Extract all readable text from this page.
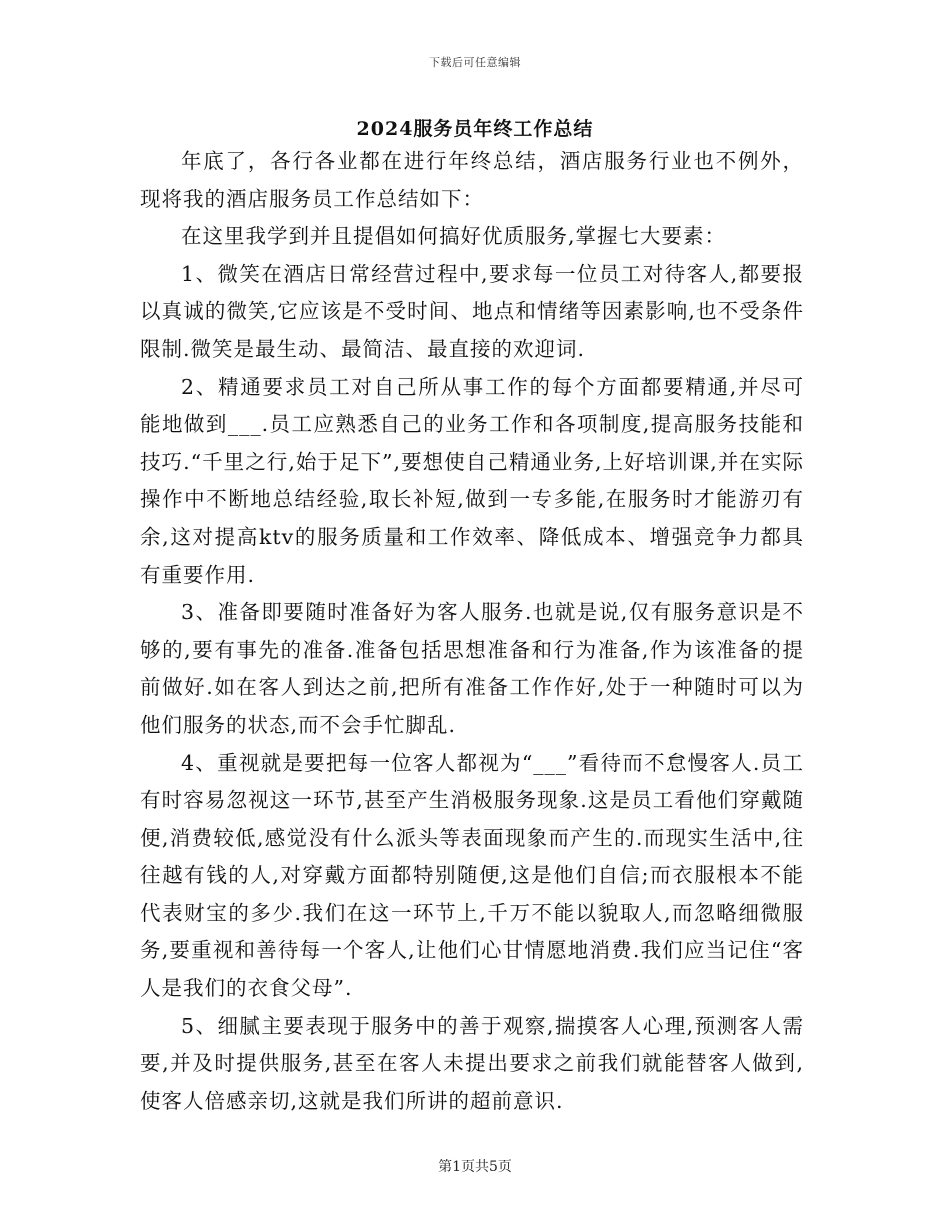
下载后可任意编辑
2024服务员年终工作总结

年底了，各行各业都在进行年终总结，酒店服务行业也不例外，现将我的酒店服务员工作总结如下：

在这里我学到并且提倡如何搞好优质服务,掌握七大要素：

1、微笑在酒店日常经营过程中,要求每一位员工对待客人,都要报以真诚的微笑,它应该是不受时间、地点和情绪等因素影响,也不受条件限制.微笑是最生动、最简洁、最直接的欢迎词.

2、精通要求员工对自己所从事工作的每个方面都要精通,并尽可能地做到___.员工应熟悉自己的业务工作和各项制度,提高服务技能和技巧.“千里之行,始于足下”,要想使自己精通业务,上好培训课,并在实际操作中不断地总结经验,取长补短,做到一专多能,在服务时才能游刃有余,这对提高ktv的服务质量和工作效率、降低成本、增强竞争力都具有重要作用.

3、准备即要随时准备好为客人服务.也就是说,仅有服务意识是不够的,要有事先的准备.准备包括思想准备和行为准备,作为该准备的提前做好.如在客人到达之前,把所有准备工作作好,处于一种随时可以为他们服务的状态,而不会手忙脚乱.

4、重视就是要把每一位客人都视为“___”看待而不怠慢客人.员工有时容易忽视这一环节,甚至产生消极服务现象.这是员工看他们穿戴随便,消费较低,感觉没有什么派头等表面现象而产生的.而现实生活中,往往越有钱的人,对穿戴方面都特别随便,这是他们自信;而衣服根本不能代表财宝的多少.我们在这一环节上,千万不能以貌取人,而忽略细微服务,要重视和善待每一个客人,让他们心甘情愿地消费.我们应当记住“客人是我们的衣食父母”.

5、细腻主要表现于服务中的善于观察,揣摸客人心理,预测客人需要,并及时提供服务,甚至在客人未提出要求之前我们就能替客人做到,使客人倍感亲切,这就是我们所讲的超前意识.

第1页共5页
